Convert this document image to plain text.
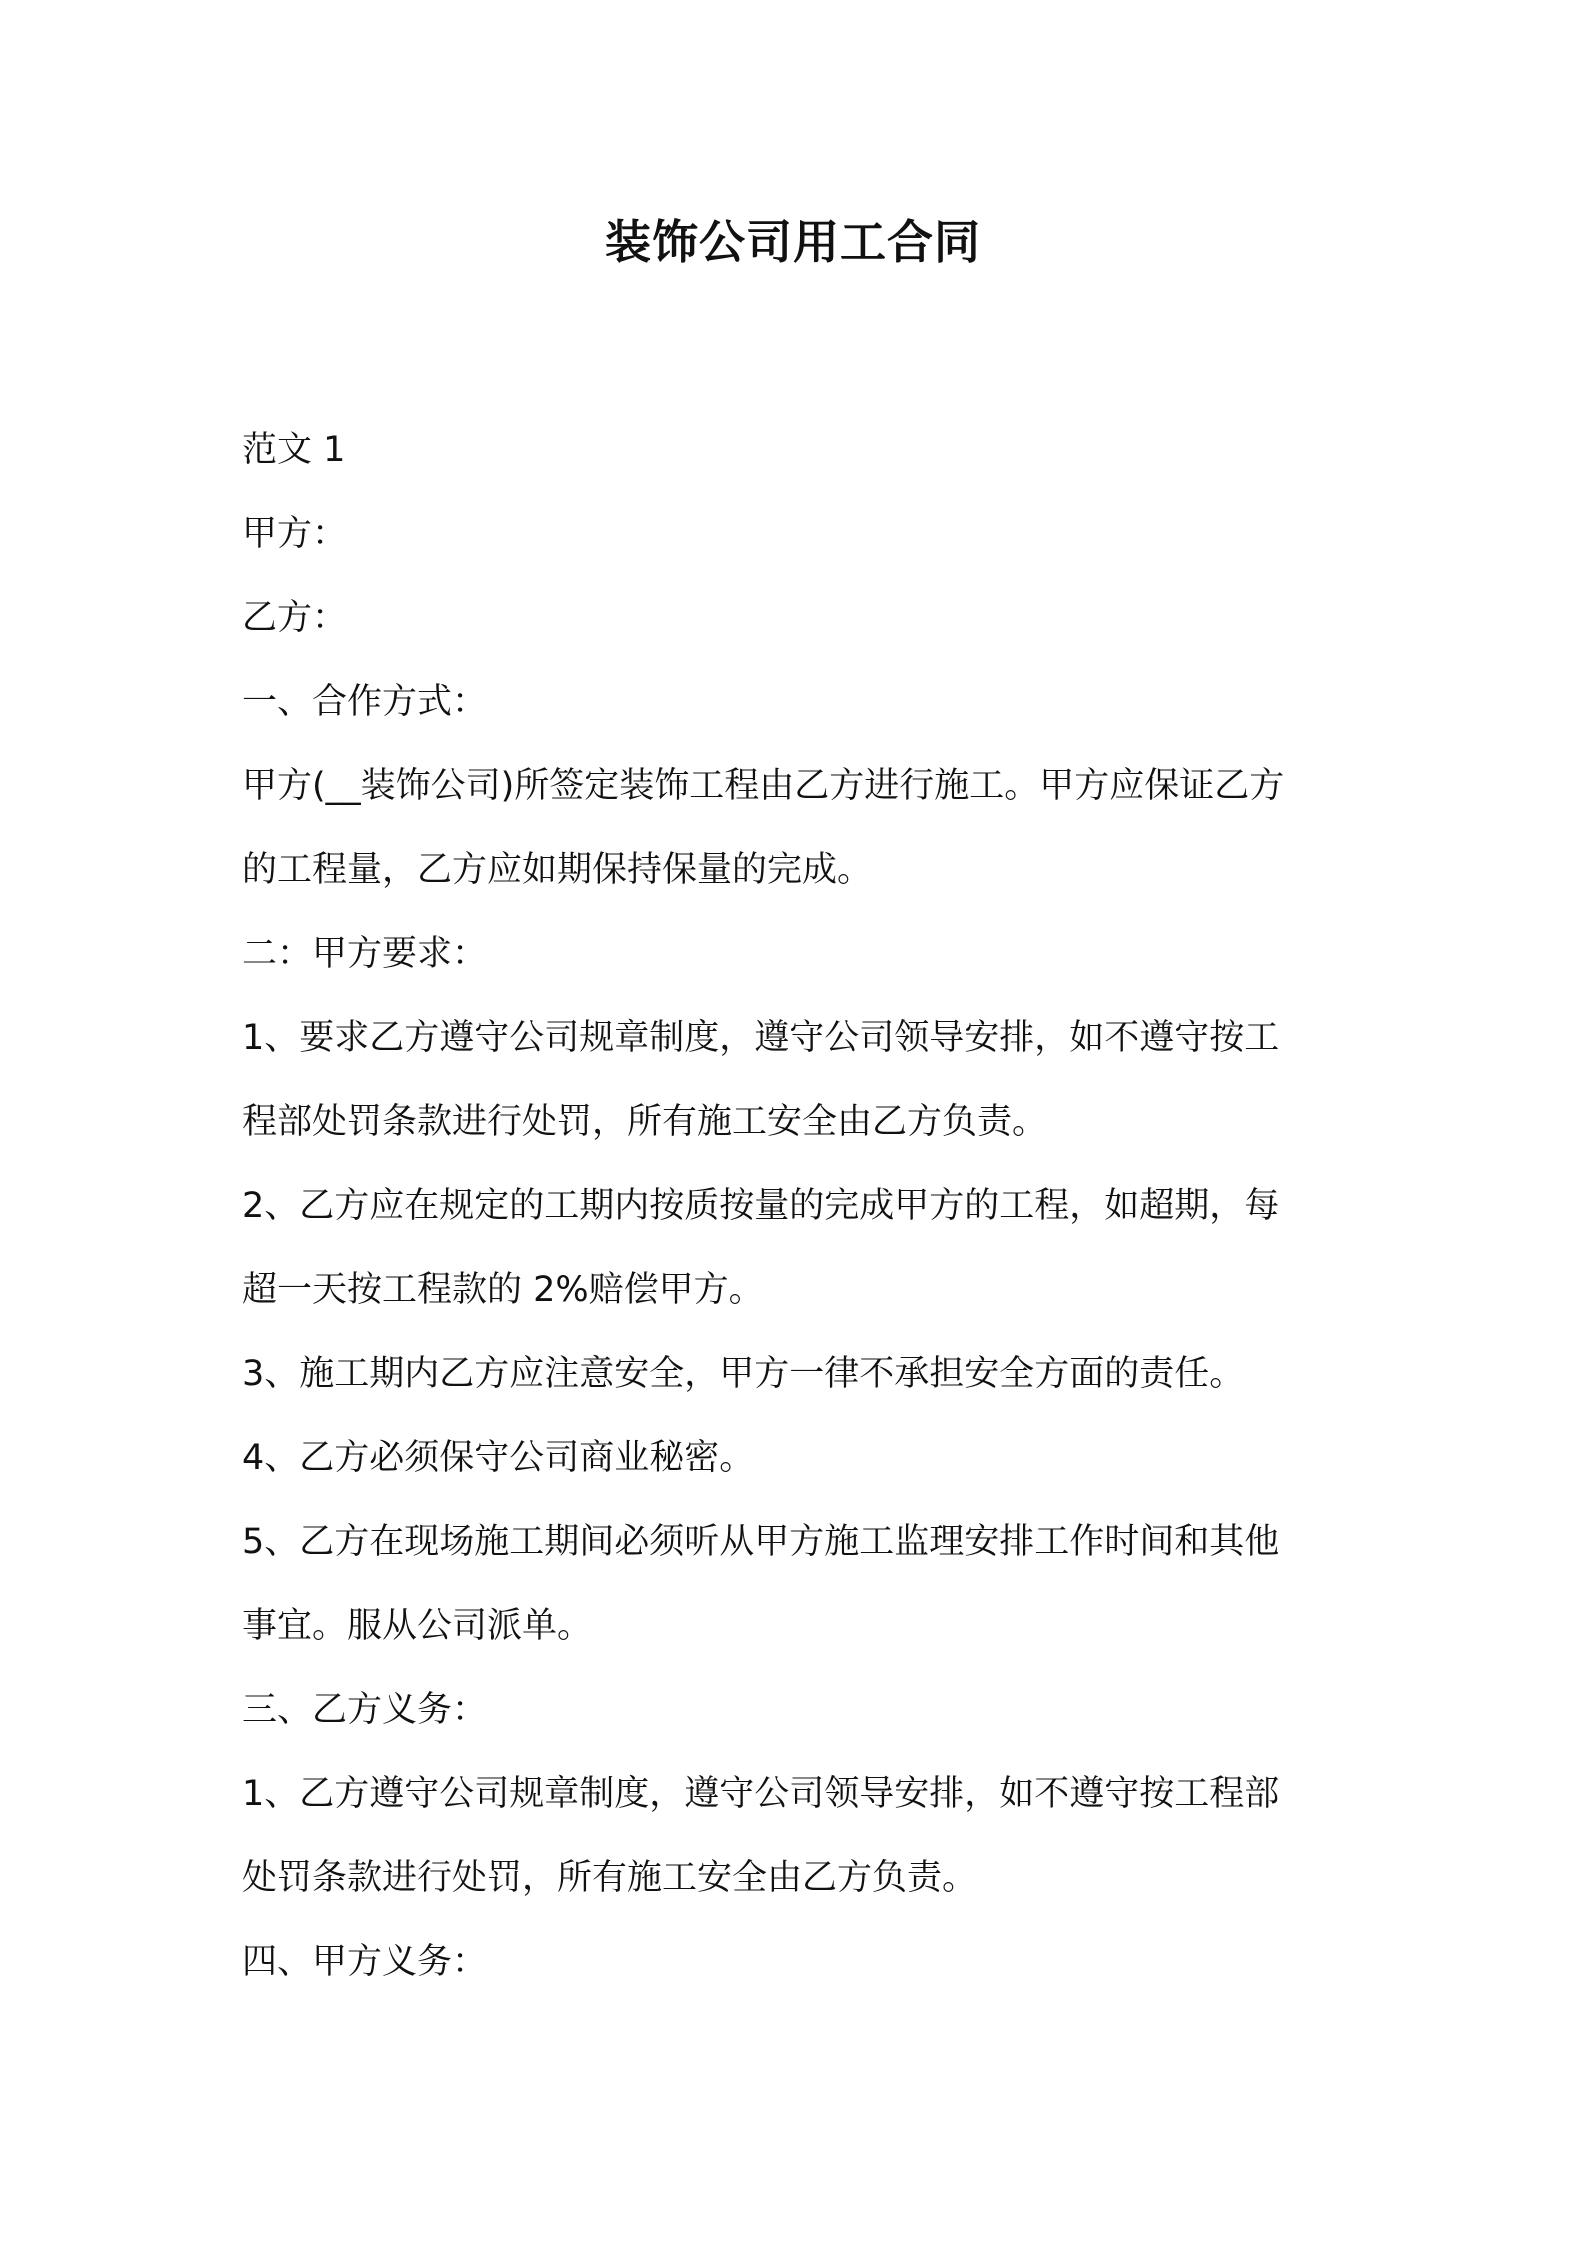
装饰公司用工合同

范文 1

甲方：

乙方：

一、合作方式：

甲方(__装饰公司)所签定装饰工程由乙方进行施工。甲方应保证乙方

的工程量，乙方应如期保持保量的完成。

二：甲方要求：

1、要求乙方遵守公司规章制度，遵守公司领导安排，如不遵守按工

程部处罚条款进行处罚，所有施工安全由乙方负责。

2、乙方应在规定的工期内按质按量的完成甲方的工程，如超期，每

超一天按工程款的 2%赔偿甲方。

3、施工期内乙方应注意安全，甲方一律不承担安全方面的责任。

4、乙方必须保守公司商业秘密。

5、乙方在现场施工期间必须听从甲方施工监理安排工作时间和其他

事宜。服从公司派单。

三、乙方义务：

1、乙方遵守公司规章制度，遵守公司领导安排，如不遵守按工程部

处罚条款进行处罚，所有施工安全由乙方负责。

四、甲方义务：
